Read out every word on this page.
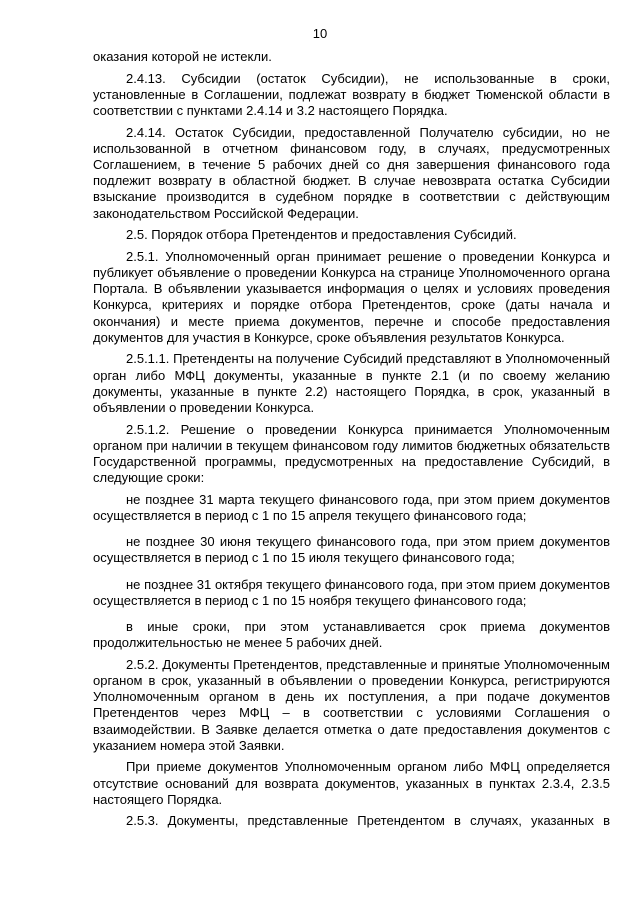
10

оказания которой не истекли.

2.4.13. Субсидии (остаток Субсидии), не использованные в сроки, установленные в Соглашении, подлежат возврату в бюджет Тюменской области в соответствии с пунктами 2.4.14 и 3.2 настоящего Порядка.

2.4.14. Остаток Субсидии, предоставленной Получателю субсидии, но не использованной в отчетном финансовом году, в случаях, предусмотренных Соглашением, в течение 5 рабочих дней со дня завершения финансового года подлежит возврату в областной бюджет. В случае невозврата остатка Субсидии взыскание производится в судебном порядке в соответствии с действующим законодательством Российской Федерации.

2.5. Порядок отбора Претендентов и предоставления Субсидий.

2.5.1. Уполномоченный орган принимает решение о проведении Конкурса и публикует объявление о проведении Конкурса на странице Уполномоченного органа Портала. В объявлении указывается информация о целях и условиях проведения Конкурса, критериях и порядке отбора Претендентов, сроке (даты начала и окончания) и месте приема документов, перечне и способе предоставления документов для участия в Конкурсе, сроке объявления результатов Конкурса.

2.5.1.1. Претенденты на получение Субсидий представляют в Уполномоченный орган либо МФЦ документы, указанные в пункте 2.1 (и по своему желанию документы, указанные в пункте 2.2) настоящего Порядка, в срок, указанный в объявлении о проведении Конкурса.

2.5.1.2. Решение о проведении Конкурса принимается Уполномоченным органом при наличии в текущем финансовом году лимитов бюджетных обязательств Государственной программы, предусмотренных на предоставление Субсидий, в следующие сроки:

не позднее 31 марта текущего финансового года, при этом прием документов осуществляется в период с 1 по 15 апреля текущего финансового года;

не позднее 30 июня текущего финансового года, при этом прием документов осуществляется в период с 1 по 15 июля текущего финансового года;

не позднее 31 октября текущего финансового года, при этом прием документов осуществляется в период с 1 по 15 ноября текущего финансового года;

в иные сроки, при этом устанавливается срок приема документов продолжительностью не менее 5 рабочих дней.

2.5.2. Документы Претендентов, представленные и принятые Уполномоченным органом в срок, указанный в объявлении о проведении Конкурса, регистрируются Уполномоченным органом в день их поступления, а при подаче документов Претендентов через МФЦ – в соответствии с условиями Соглашения о взаимодействии. В Заявке делается отметка о дате предоставления документов с указанием номера этой Заявки.

При приеме документов Уполномоченным органом либо МФЦ определяется отсутствие оснований для возврата документов, указанных в пунктах 2.3.4, 2.3.5 настоящего Порядка.

2.5.3. Документы, представленные Претендентом в случаях, указанных в
